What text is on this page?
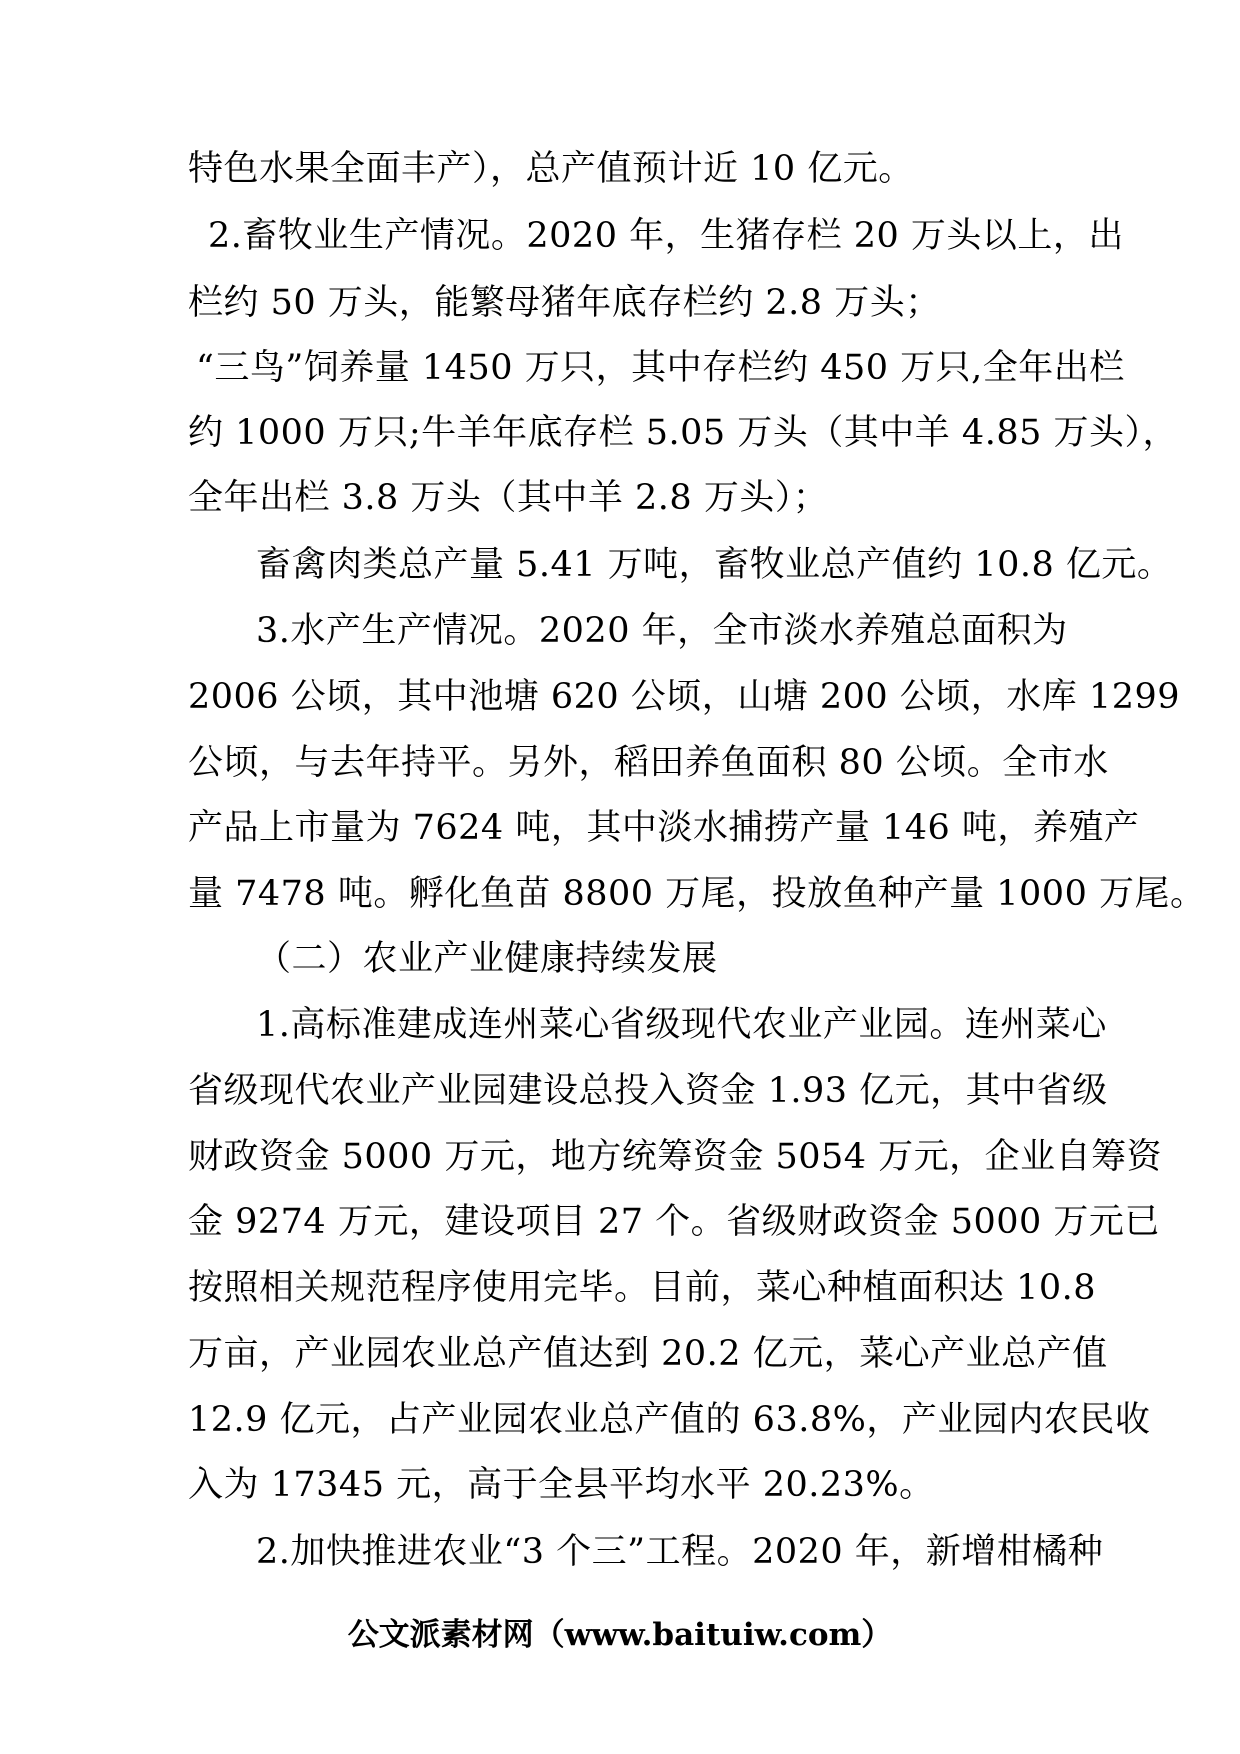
特色水果全面丰产），总产值预计近 10 亿元。
2.畜牧业生产情况。2020 年，生猪存栏 20 万头以上，出
栏约 50 万头，能繁母猪年底存栏约 2.8 万头；
“三鸟”饲养量 1450 万只，其中存栏约 450 万只,全年出栏
约 1000 万只;牛羊年底存栏 5.05 万头（其中羊 4.85 万头），
全年出栏 3.8 万头（其中羊 2.8 万头）；
畜禽肉类总产量 5.41 万吨，畜牧业总产值约 10.8 亿元。
3.水产生产情况。2020 年，全市淡水养殖总面积为
2006 公顷，其中池塘 620 公顷，山塘 200 公顷，水库 1299
公顷，与去年持平。另外，稻田养鱼面积 80 公顷。全市水
产品上市量为 7624 吨，其中淡水捕捞产量 146 吨，养殖产
量 7478 吨。孵化鱼苗 8800 万尾，投放鱼种产量 1000 万尾。
（二）农业产业健康持续发展
1.高标准建成连州菜心省级现代农业产业园。连州菜心
省级现代农业产业园建设总投入资金 1.93 亿元，其中省级
财政资金 5000 万元，地方统筹资金 5054 万元，企业自筹资
金 9274 万元，建设项目 27 个。省级财政资金 5000 万元已
按照相关规范程序使用完毕。目前，菜心种植面积达 10.8
万亩，产业园农业总产值达到 20.2 亿元，菜心产业总产值
12.9 亿元，占产业园农业总产值的 63.8%，产业园内农民收
入为 17345 元，高于全县平均水平 20.23%。
2.加快推进农业“3 个三”工程。2020 年，新增柑橘种
公文派素材网（www.baituiw.com）
